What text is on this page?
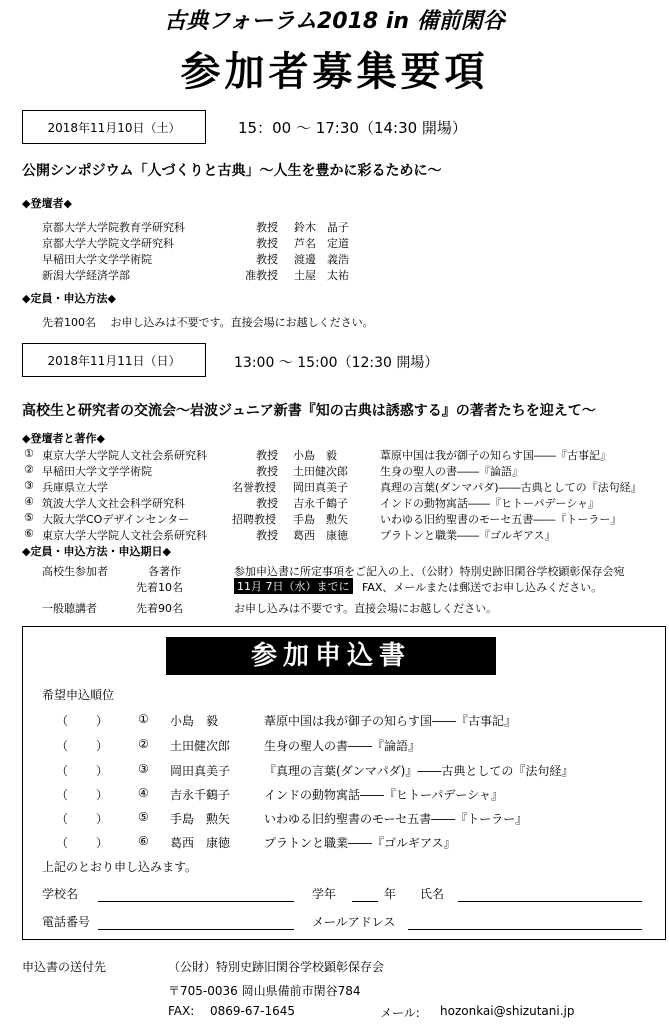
古典フォーラム2018 in 備前閑谷
参加者募集要項
2018年11月10日（土）	15：00 ～ 17:30（14:30 開場）
公開シンポジウム「人づくりと古典」～人生を豊かに彩るために～
◆登壇者◆
京都大学大学院教育学研究科	教授 鈴木　晶子
京都大学大学院文学研究科	教授 芦名　定道
早稲田大学文学学術院	教授 渡邊　義浩
新潟大学経済学部	准教授 土屋　太祐
◆定員・申込方法◆
先着100名　 お申し込みは不要です。直接会場にお越しください。
2018年11月11日（日）	13:00 ～ 15:00（12:30 開場）
高校生と研究者の交流会～岩波ジュニア新書『知の古典は誘惑する』の著者たちを迎えて～
◆登壇者と著作◆
① 東京大学大学院人文社会系研究科	教授 小島　毅	葦原中国は我が御子の知らす国――『古事記』
② 早稲田大学文学学術院	教授 土田健次郎	生身の聖人の書――『論語』
③ 兵庫県立大学	名誉教授 岡田真美子	真理の言葉(ダンマパダ)――古典としての『法句経』
④ 筑波大学人文社会科学研究科	教授 吉永千鶴子	インドの動物寓話――『ヒトーパデーシャ』
⑤ 大阪大学COデザインセンター	招聘教授 手島　勲矢	いわゆる旧約聖書のモーセ五書――『トーラー』
⑥ 東京大学大学院人文社会系研究科	教授 葛西　康徳	プラトンと職業――『ゴルギアス』
◆定員・申込方法・申込期日◆
高校生参加者	各著作	参加申込書に所定事項をご記入の上、（公財）特別史跡旧閑谷学校顕彰保存会宛
先着10名	11月 7日（水）までに FAX、メールまたは郵送でお申し込みください。
一般聴講者	先着90名	お申し込みは不要です。直接会場にお越しください。
参加申込書
希望申込順位
（ ） ① 小島　毅	葦原中国は我が御子の知らす国――『古事記』
（ ） ② 土田健次郎	生身の聖人の書――『論語』
（ ） ③ 岡田真美子	『真理の言葉(ダンマパダ)』――古典としての『法句経』
（ ） ④ 吉永千鶴子	インドの動物寓話――『ヒトーパデーシャ』
（ ） ⑤ 手島　勲矢	いわゆる旧約聖書のモーセ五書――『トーラー』
（ ） ⑥ 葛西　康徳	プラトンと職業――『ゴルギアス』
上記のとおり申し込みます。
学校名	学年	年 氏名
電話番号	メールアドレス
申込書の送付先	（公財）特別史跡旧閑谷学校顕彰保存会
〒705-0036 岡山県備前市閑谷784
FAX: 0869-67-1645	メール: hozonkai@shizutani.jp
